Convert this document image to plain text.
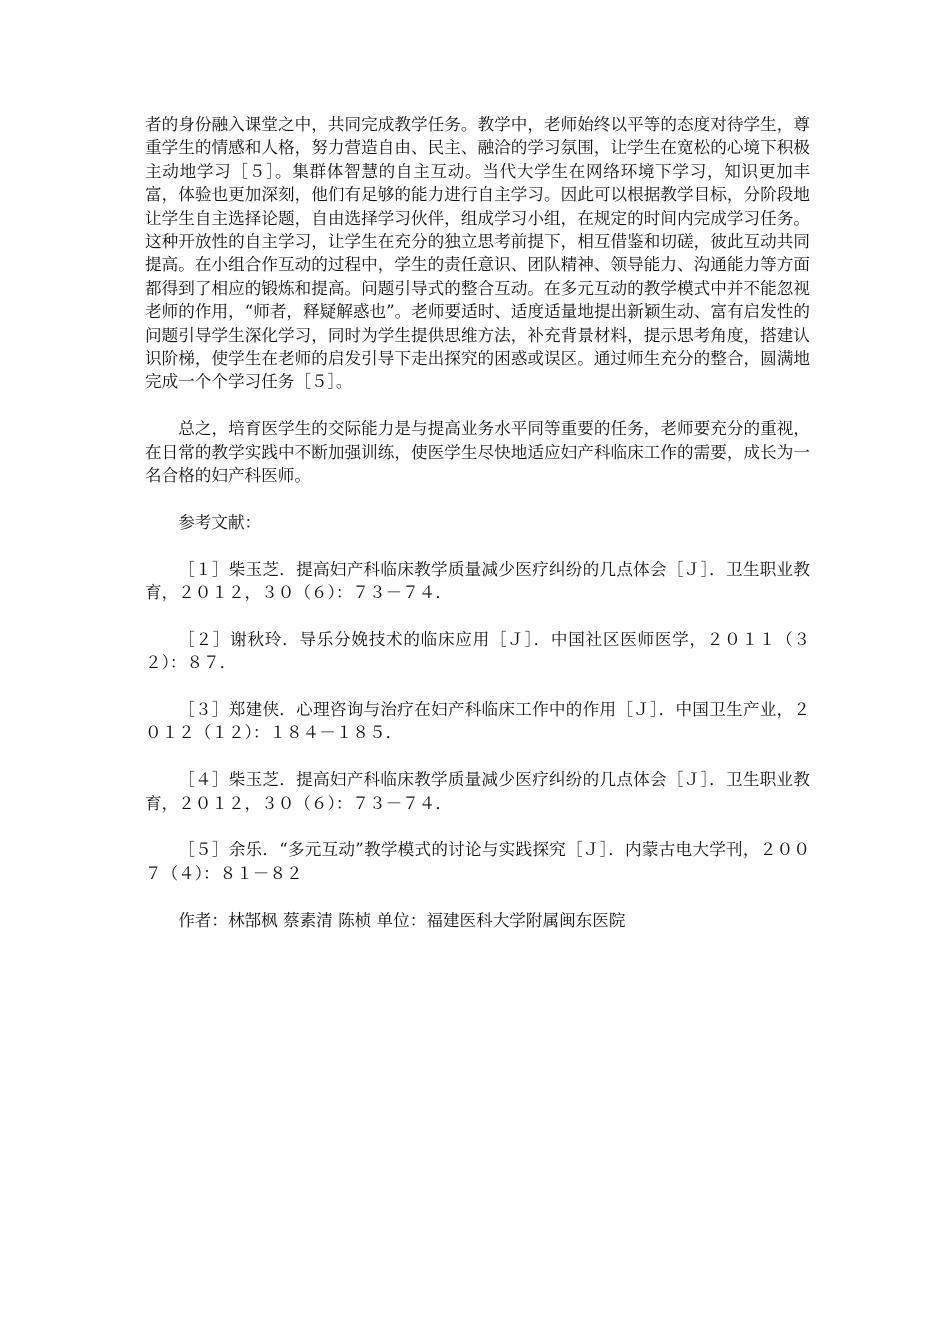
者的身份融入课堂之中，共同完成教学任务。教学中，老师始终以平等的态度对待学生，尊重学生的情感和人格，努力营造自由、民主、融洽的学习氛围，让学生在宽松的心境下积极主动地学习［５］。集群体智慧的自主互动。当代大学生在网络环境下学习，知识更加丰富，体验也更加深刻，他们有足够的能力进行自主学习。因此可以根据教学目标，分阶段地让学生自主选择论题，自由选择学习伙伴，组成学习小组，在规定的时间内完成学习任务。这种开放性的自主学习，让学生在充分的独立思考前提下，相互借鉴和切磋，彼此互动共同提高。在小组合作互动的过程中，学生的责任意识、团队精神、领导能力、沟通能力等方面都得到了相应的锻炼和提高。问题引导式的整合互动。在多元互动的教学模式中并不能忽视老师的作用，“师者，释疑解惑也”。老师要适时、适度适量地提出新颖生动、富有启发性的问题引导学生深化学习，同时为学生提供思维方法，补充背景材料，提示思考角度，搭建认识阶梯，使学生在老师的启发引导下走出探究的困惑或误区。通过师生充分的整合，圆满地完成一个个学习任务［５］。

总之，培育医学生的交际能力是与提高业务水平同等重要的任务，老师要充分的重视，在日常的教学实践中不断加强训练，使医学生尽快地适应妇产科临床工作的需要，成长为一名合格的妇产科医师。

参考文献：

［１］柴玉芝．提高妇产科临床教学质量减少医疗纠纷的几点体会［Ｊ］．卫生职业教育，２０１２，３０（６）：７３－７４．

［２］谢秋玲．导乐分娩技术的临床应用［Ｊ］．中国社区医师医学，２０１１（３２）：８７．

［３］郑建侠．心理咨询与治疗在妇产科临床工作中的作用［Ｊ］．中国卫生产业，２０１２（１２）：１８４－１８５．

［４］柴玉芝．提高妇产科临床教学质量减少医疗纠纷的几点体会［Ｊ］．卫生职业教育，２０１２，３０（６）：７３－７４．

［５］余乐．“多元互动”教学模式的讨论与实践探究［Ｊ］．内蒙古电大学刊，２００７（４）：８１－８２

作者：林郜枫 蔡素清 陈桢 单位：福建医科大学附属闽东医院
